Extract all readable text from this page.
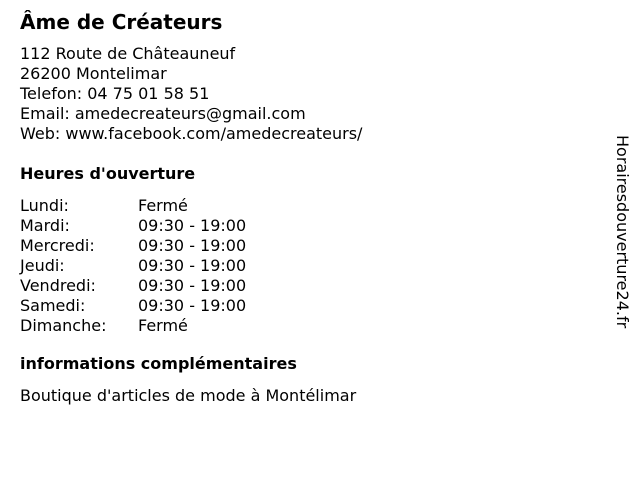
Âme de Créateurs
112 Route de Châteauneuf
26200 Montelimar
Telefon: 04 75 01 58 51
Email: amedecreateurs@gmail.com
Web: www.facebook.com/amedecreateurs/
Heures d'ouverture
Lundi:	Fermé
Mardi:	09:30 - 19:00
Mercredi:	09:30 - 19:00
Jeudi:	09:30 - 19:00
Vendredi:	09:30 - 19:00
Samedi:	09:30 - 19:00
Dimanche:	Fermé
informations complémentaires
Boutique d'articles de mode à Montélimar
Horairesdouverture24.fr
